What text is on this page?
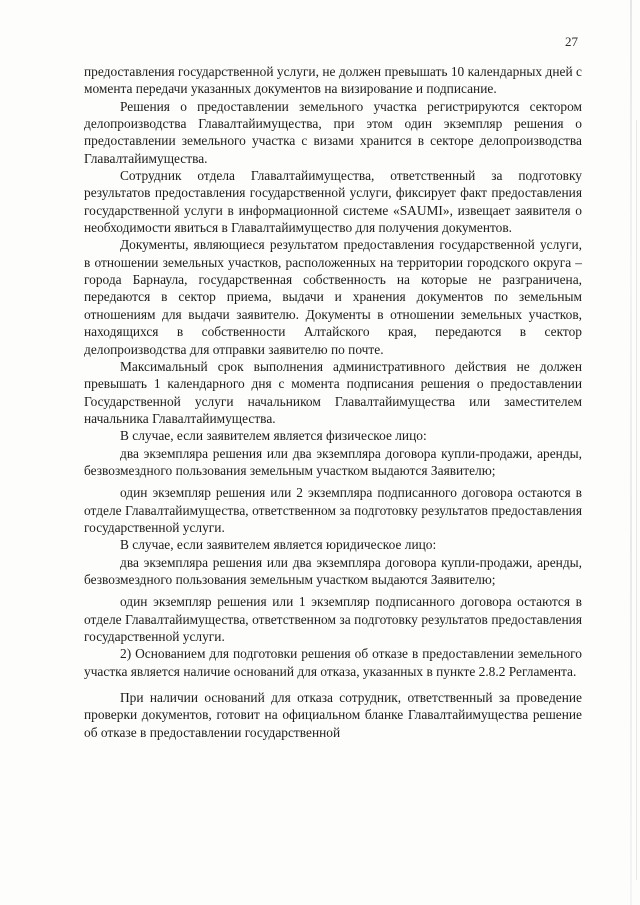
27

предоставления государственной услуги, не должен превышать 10 календарных дней с момента передачи указанных документов на визирование и подписание.

Решения о предоставлении земельного участка регистрируются сектором делопроизводства Главалтайимущества, при этом один экземпляр решения о предоставлении земельного участка с визами хранится в секторе делопроизводства Главалтайимущества.

Сотрудник отдела Главалтайимущества, ответственный за подготовку результатов предоставления государственной услуги, фиксирует факт предоставления государственной услуги в информационной системе «SAUMI», извещает заявителя о необходимости явиться в Главалтайимущество для получения документов.

Документы, являющиеся результатом предоставления государственной услуги, в отношении земельных участков, расположенных на территории городского округа – города Барнаула, государственная собственность на которые не разграничена, передаются в сектор приема, выдачи и хранения документов по земельным отношениям для выдачи заявителю. Документы в отношении земельных участков, находящихся в собственности Алтайского края, передаются в сектор делопроизводства для отправки заявителю по почте.

Максимальный срок выполнения административного действия не должен превышать 1 календарного дня с момента подписания решения о предоставлении Государственной услуги начальником Главалтайимущества или заместителем начальника Главалтайимущества.

В случае, если заявителем является физическое лицо:

два экземпляра решения или два экземпляра договора купли-продажи, аренды, безвозмездного пользования земельным участком выдаются Заявителю;

один экземпляр решения или 2 экземпляра подписанного договора остаются в отделе Главалтайимущества, ответственном за подготовку результатов предоставления государственной услуги.

В случае, если заявителем является юридическое лицо:

два экземпляра решения или два экземпляра договора купли-продажи, аренды, безвозмездного пользования земельным участком выдаются Заявителю;

один экземпляр решения или 1 экземпляр подписанного договора остаются в отделе Главалтайимущества, ответственном за подготовку результатов предоставления государственной услуги.

2) Основанием для подготовки решения об отказе в предоставлении земельного участка является наличие оснований для отказа, указанных в пункте 2.8.2 Регламента.

При наличии оснований для отказа сотрудник, ответственный за проведение проверки документов, готовит на официальном бланке Главалтайимущества решение об отказе в предоставлении государственной
